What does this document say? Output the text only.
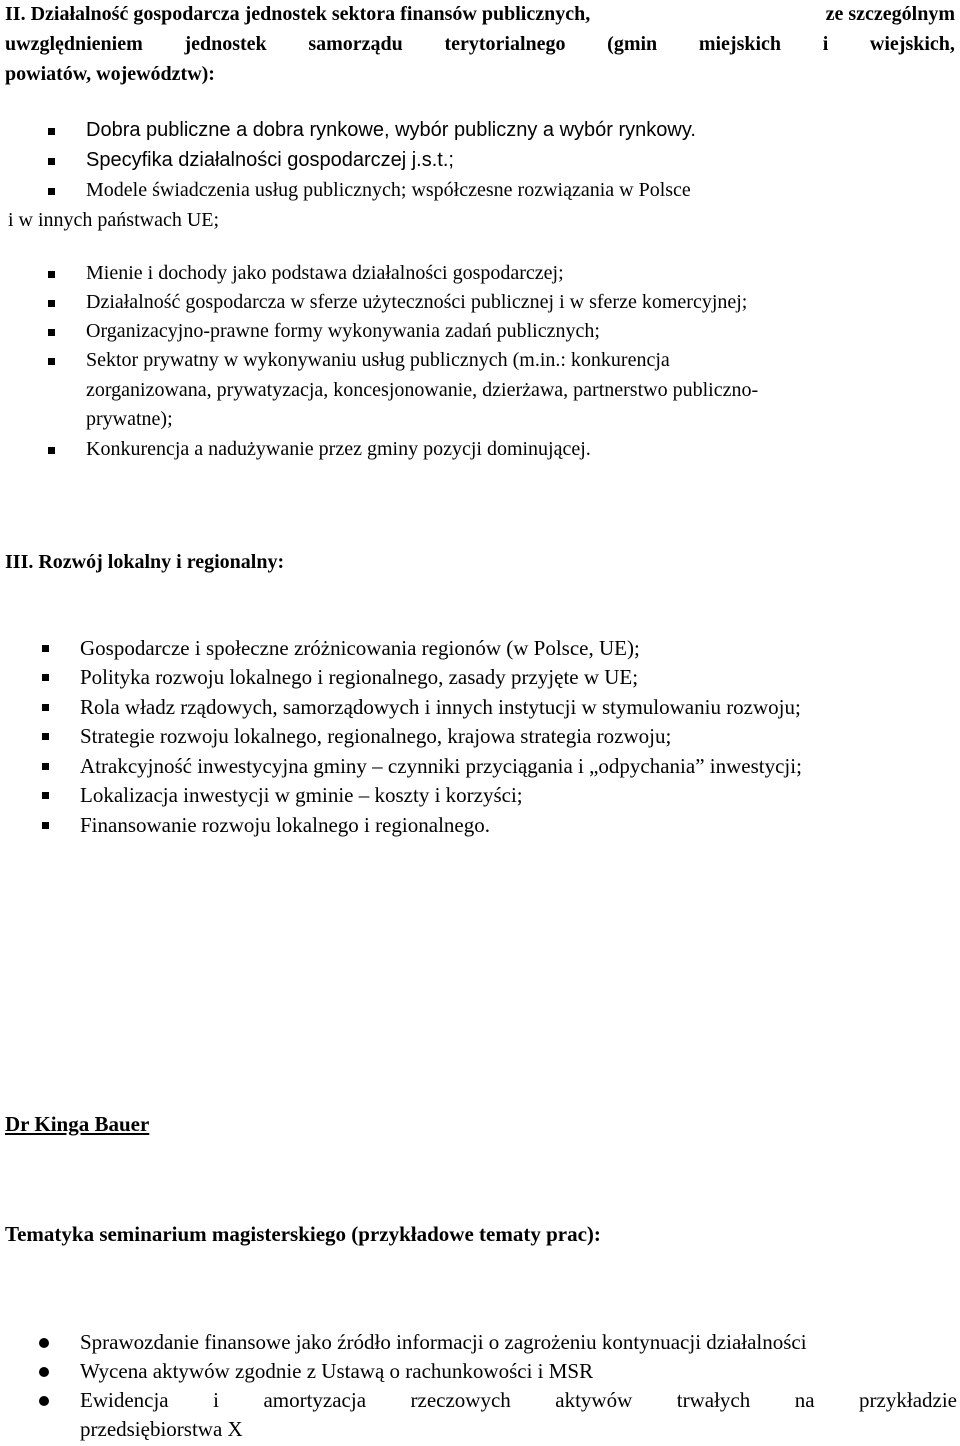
II. Działalność gospodarcza jednostek sektora finansów publicznych,	ze szczególnym
uwzględnieniem jednostek samorządu terytorialnego (gmin miejskich i wiejskich,
powiatów, województw):
Dobra publiczne a dobra rynkowe, wybór publiczny a wybór rynkowy.
Specyfika działalności gospodarczej j.s.t.;
Modele świadczenia usług publicznych; współczesne rozwiązania w Polsce
i w innych państwach UE;
Mienie i dochody jako podstawa działalności gospodarczej;
Działalność gospodarcza w sferze użyteczności publicznej i w sferze komercyjnej;
Organizacyjno-prawne formy wykonywania zadań publicznych;
Sektor prywatny w wykonywaniu usług publicznych (m.in.: konkurencja
zorganizowana, prywatyzacja, koncesjonowanie, dzierżawa, partnerstwo publiczno-
prywatne);
Konkurencja a nadużywanie przez gminy pozycji dominującej.
III. Rozwój lokalny i regionalny:
Gospodarcze i społeczne zróżnicowania regionów (w Polsce, UE);
Polityka rozwoju lokalnego i regionalnego, zasady przyjęte w UE;
Rola władz rządowych, samorządowych i innych instytucji w stymulowaniu rozwoju;
Strategie rozwoju lokalnego, regionalnego, krajowa strategia rozwoju;
Atrakcyjność inwestycyjna gminy – czynniki przyciągania i „odpychania” inwestycji;
Lokalizacja inwestycji w gminie – koszty i korzyści;
Finansowanie rozwoju lokalnego i regionalnego.
Dr Kinga Bauer
Tematyka seminarium magisterskiego (przykładowe tematy prac):
Sprawozdanie finansowe jako źródło informacji o zagrożeniu kontynuacji działalności
Wycena aktywów zgodnie z Ustawą o rachunkowości i MSR
Ewidencja i amortyzacja rzeczowych aktywów trwałych na przykładzie
przedsiębiorstwa X
